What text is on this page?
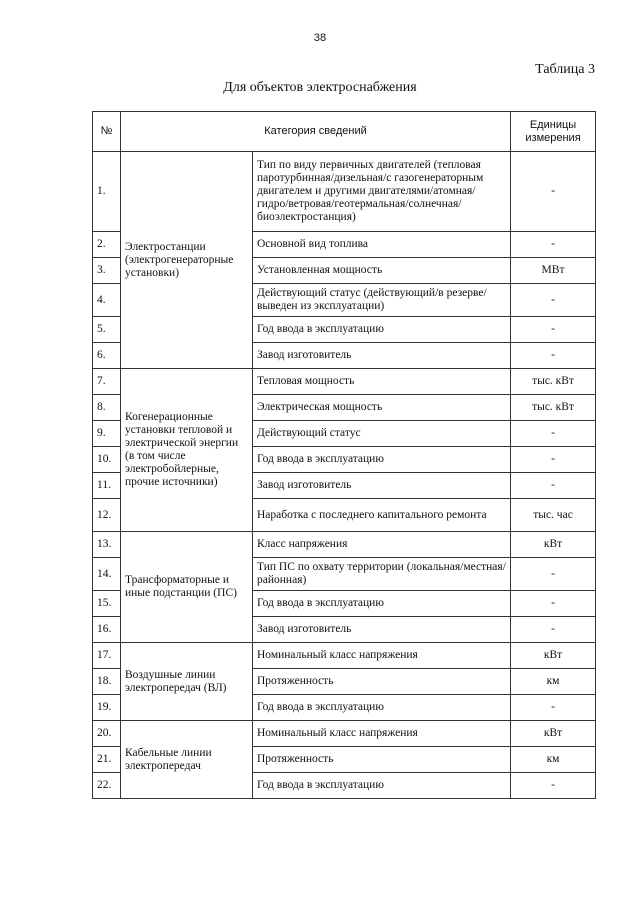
38
Таблица 3
Для объектов электроснабжения
№	Категория сведений		Единицы измерения
1.	Электростанции (электрогенераторные установки)	Тип по виду первичных двигателей (тепловая паротурбинная/дизельная/с газогенераторным двигателем и другими двигателями/атомная/гидро/ветровая/геотермальная/солнечная/биоэлектростанция)	-
2.		Основной вид топлива	-
3.		Установленная мощность	МВт
4.		Действующий статус (действующий/в резерве/выведен из эксплуатации)	-
5.		Год ввода в эксплуатацию	-
6.		Завод изготовитель	-
7.	Когенерационные установки тепловой и электрической энергии (в том числе электробойлерные, прочие источники)	Тепловая мощность	тыс. кВт
8.		Электрическая мощность	тыс. кВт
9.		Действующий статус	-
10.		Год ввода в эксплуатацию	-
11.		Завод изготовитель	-
12.		Наработка с последнего капитального ремонта	тыс. час
13.	Трансформаторные и иные подстанции (ПС)	Класс напряжения	кВт
14.		Тип ПС по охвату территории (локальная/местная/районная)	-
15.		Год ввода в эксплуатацию	-
16.		Завод изготовитель	-
17.	Воздушные линии электропередач (ВЛ)	Номинальный класс напряжения	кВт
18.		Протяженность	км
19.		Год ввода в эксплуатацию	-
20.	Кабельные линии электропередач	Номинальный класс напряжения	кВт
21.		Протяженность	км
22.		Год ввода в эксплуатацию	-
